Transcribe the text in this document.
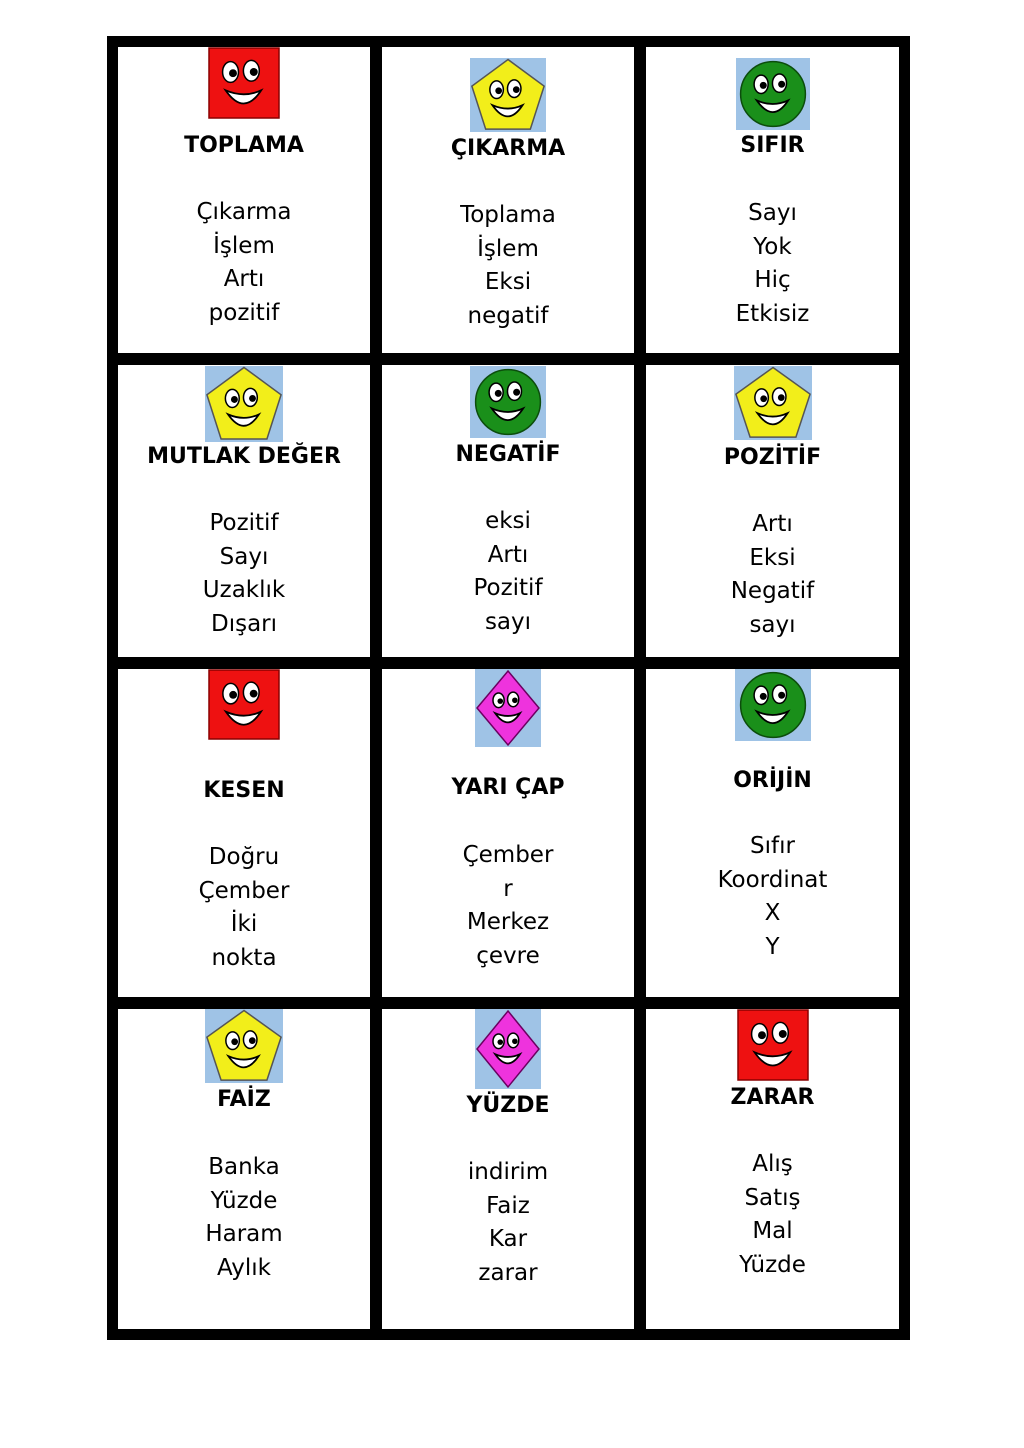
TOPLAMA
Çıkarma
İşlem
Artı
pozitif
ÇIKARMA
Toplama
İşlem
Eksi
negatif
SIFIR
Sayı
Yok
Hiç
Etkisiz
MUTLAK DEĞER
Pozitif
Sayı
Uzaklık
Dışarı
NEGATİF
eksi
Artı
Pozitif
sayı
POZİTİF
Artı
Eksi
Negatif
sayı
KESEN
Doğru
Çember
İki
nokta
YARI ÇAP
Çember
r
Merkez
çevre
ORİJİN
Sıfır
Koordinat
X
Y
FAİZ
Banka
Yüzde
Haram
Aylık
YÜZDE
indirim
Faiz
Kar
zarar
ZARAR
Alış
Satış
Mal
Yüzde
